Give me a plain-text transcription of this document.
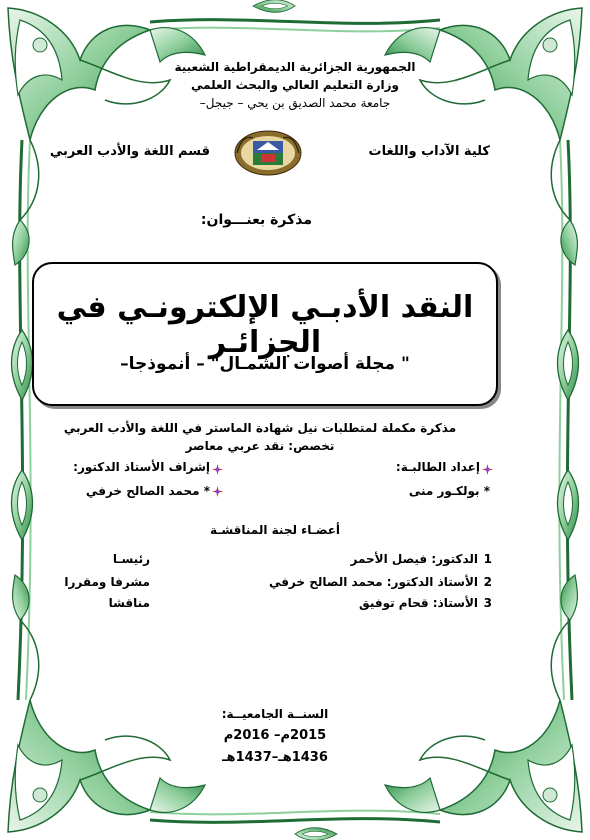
الجمهورية الجزائرية الديمقراطية الشعبية
وزارة التعليم العالي والبحث العلمي
جامعة محمد الصديق بن يحي – جيجل–
كلية الآداب واللغات
قسم اللغة والأدب العربي
مذكرة بعنـــوان:
النقد الأدبـي الإلكترونـي في الجزائـر
" مجلة أصوات الشمـال" – أنموذجا–
مذكرة مكملة لمتطلبات نيل شهادة الماستر في اللغة والأدب العربي
تخصص: نقد عربي معاصر
إعداد الطالبـة:
* بولكـور منى
إشراف الأستاذ الدكتور:
* محمد الصالح خرفي
أعضـاء لجنة المناقشـة
1
الدكتور: فيصل الأحمر
رئيسـا
2
الأستاذ الدكتور: محمد الصالح خرفي
مشرفا ومقررا
3
الأستاذ: قحام توفيق
مناقشا
السنــة الجامعيــة:
2015م– 2016م
1436هـ–1437هـ
